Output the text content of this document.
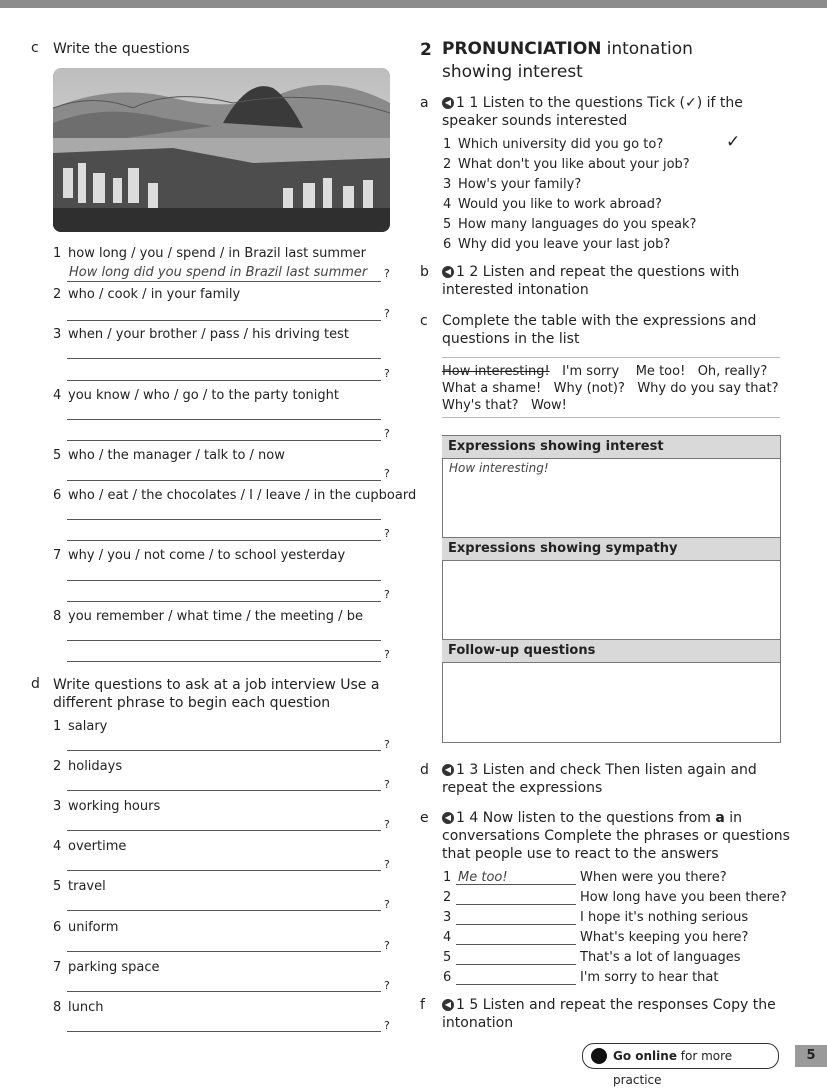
c Write the questions
1 how long / you / spend / in Brazil last summer
How long did you spend in Brazil last summer ?
2 who / cook / in your family
?
3 when / your brother / pass / his driving test
?
4 you know / who / go / to the party tonight
?
5 who / the manager / talk to / now
?
6 who / eat / the chocolates / I / leave / in the cupboard
?
7 why / you / not come / to school yesterday
?
8 you remember / what time / the meeting / be
?
d Write questions to ask at a job interview Use a
different phrase to begin each question
1 salary
?
2 holidays
?
3 working hours
?
4 overtime
?
5 travel
?
6 uniform
?
7 parking space
?
8 lunch
?
2 PRONUNCIATION intonation
showing interest
a	◀ 1 1 Listen to the questions Tick (✓) if the
speaker sounds interested
1 Which university did you go to?	✓
2 What don't you like about your job?
3 How's your family?
4 Would you like to work abroad?
5 How many languages do you speak?
6 Why did you leave your last job?
b	◀ 1 2 Listen and repeat the questions with
interested intonation
c Complete the table with the expressions and
questions in the list
How interesting! I'm sorry Me too! Oh, really?
What a shame! Why (not)? Why do you say that?
Why's that? Wow!
Expressions showing interest
How interesting!
Expressions showing sympathy
Follow-up questions
d	◀ 1 3 Listen and check Then listen again and
repeat the expressions
e	◀ 1 4 Now listen to the questions from a in
conversations Complete the phrases or questions
that people use to react to the answers
1 Me too!	When were you there?
2	How long have you been there?
3	I hope it's nothing serious
4	What's keeping you here?
5	That's a lot of languages
6	I'm sorry to hear that
f	◀ 1 5 Listen and repeat the responses Copy the
intonation
Go online for more practice
5
